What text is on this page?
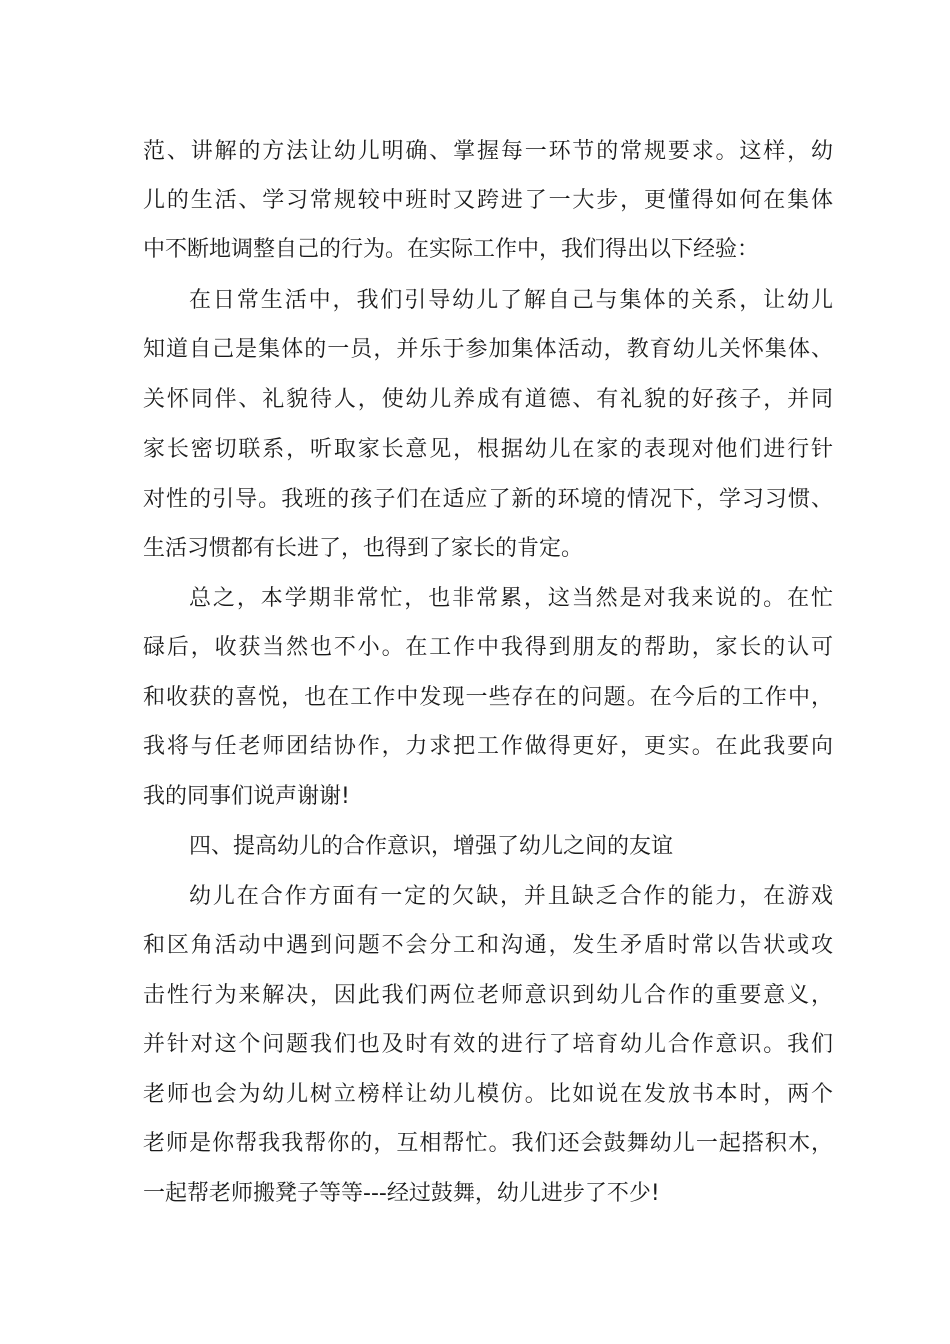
范、讲解的方法让幼儿明确、掌握每一环节的常规要求。这样，幼
儿的生活、学习常规较中班时又跨进了一大步，更懂得如何在集体
中不断地调整自己的行为。在实际工作中，我们得出以下经验：
在日常生活中，我们引导幼儿了解自己与集体的关系，让幼儿
知道自己是集体的一员，并乐于参加集体活动，教育幼儿关怀集体、
关怀同伴、礼貌待人，使幼儿养成有道德、有礼貌的好孩子，并同
家长密切联系，听取家长意见，根据幼儿在家的表现对他们进行针
对性的引导。我班的孩子们在适应了新的环境的情况下，学习习惯、
生活习惯都有长进了，也得到了家长的肯定。
总之，本学期非常忙，也非常累，这当然是对我来说的。在忙
碌后，收获当然也不小。在工作中我得到朋友的帮助，家长的认可
和收获的喜悦，也在工作中发现一些存在的问题。在今后的工作中，
我将与任老师团结协作，力求把工作做得更好，更实。在此我要向
我的同事们说声谢谢!
四、提高幼儿的合作意识，增强了幼儿之间的友谊
幼儿在合作方面有一定的欠缺，并且缺乏合作的能力，在游戏
和区角活动中遇到问题不会分工和沟通，发生矛盾时常以告状或攻
击性行为来解决，因此我们两位老师意识到幼儿合作的重要意义，
并针对这个问题我们也及时有效的进行了培育幼儿合作意识。我们
老师也会为幼儿树立榜样让幼儿模仿。比如说在发放书本时，两个
老师是你帮我我帮你的，互相帮忙。我们还会鼓舞幼儿一起搭积木，
一起帮老师搬凳子等等---经过鼓舞，幼儿进步了不少!
